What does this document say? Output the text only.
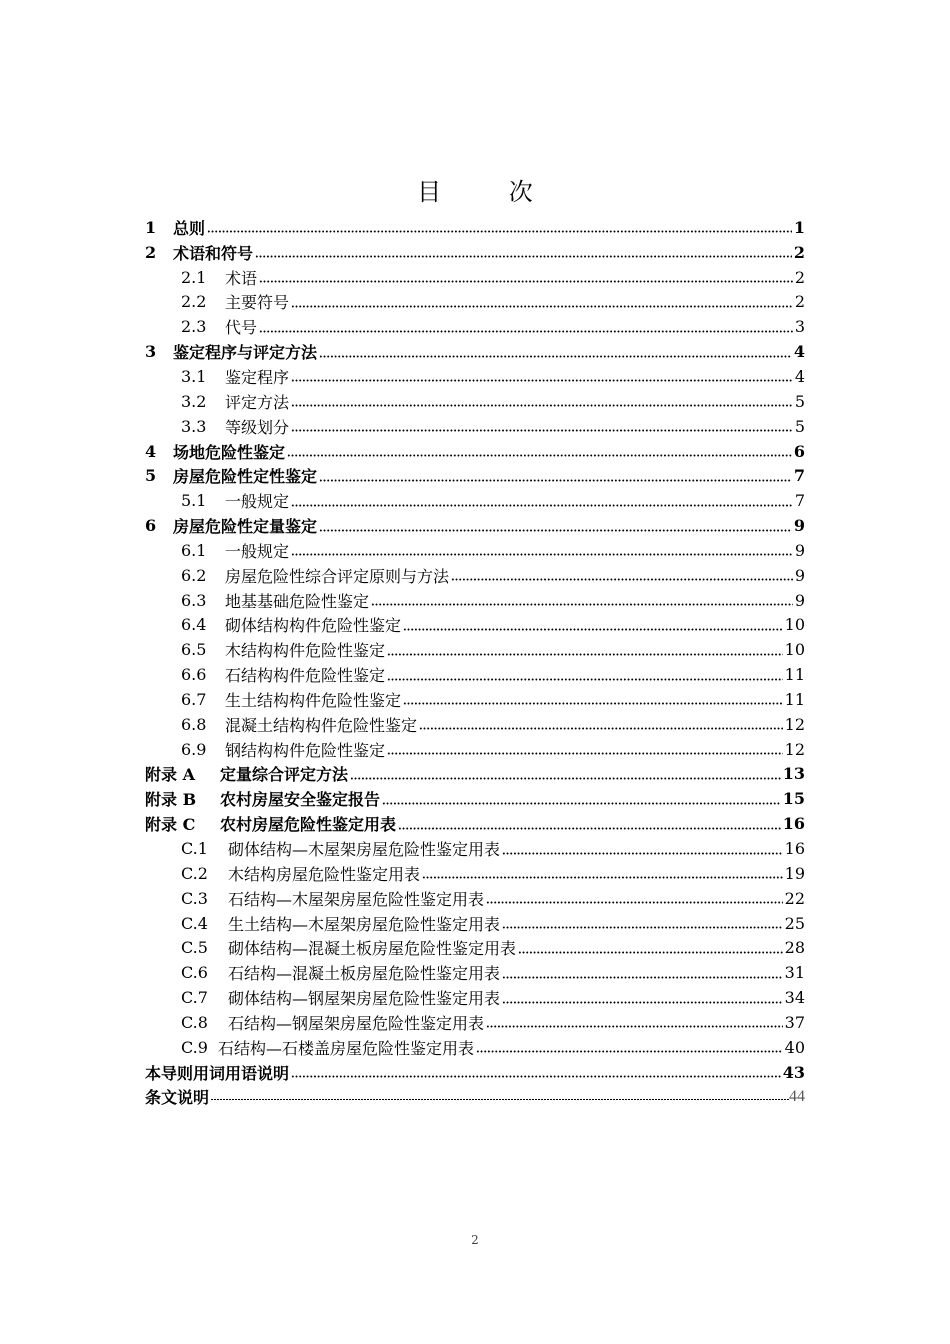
目 次
1	总则	1
2	术语和符号	2
2.1	术语	2
2.2	主要符号	2
2.3	代号	3
3	鉴定程序与评定方法	4
3.1	鉴定程序	4
3.2	评定方法	5
3.3	等级划分	5
4	场地危险性鉴定	6
5	房屋危险性定性鉴定	7
5.1	一般规定	7
6	房屋危险性定量鉴定	9
6.1	一般规定	9
6.2	房屋危险性综合评定原则与方法	9
6.3	地基基础危险性鉴定	9
6.4	砌体结构构件危险性鉴定	10
6.5	木结构构件危险性鉴定	10
6.6	石结构构件危险性鉴定	11
6.7	生土结构构件危险性鉴定	11
6.8	混凝土结构构件危险性鉴定	12
6.9	钢结构构件危险性鉴定	12
附录 A	定量综合评定方法	13
附录 B	农村房屋安全鉴定报告	15
附录 C	农村房屋危险性鉴定用表	16
C.1	砌体结构—木屋架房屋危险性鉴定用表	16
C.2	木结构房屋危险性鉴定用表	19
C.3	石结构—木屋架房屋危险性鉴定用表	22
C.4	生土结构—木屋架房屋危险性鉴定用表	25
C.5	砌体结构—混凝土板房屋危险性鉴定用表	28
C.6	石结构—混凝土板房屋危险性鉴定用表	31
C.7	砌体结构—钢屋架房屋危险性鉴定用表	34
C.8	石结构—钢屋架房屋危险性鉴定用表	37
C.9 石结构—石楼盖房屋危险性鉴定用表	40
本导则用词用语说明	43
条文说明	44
2
